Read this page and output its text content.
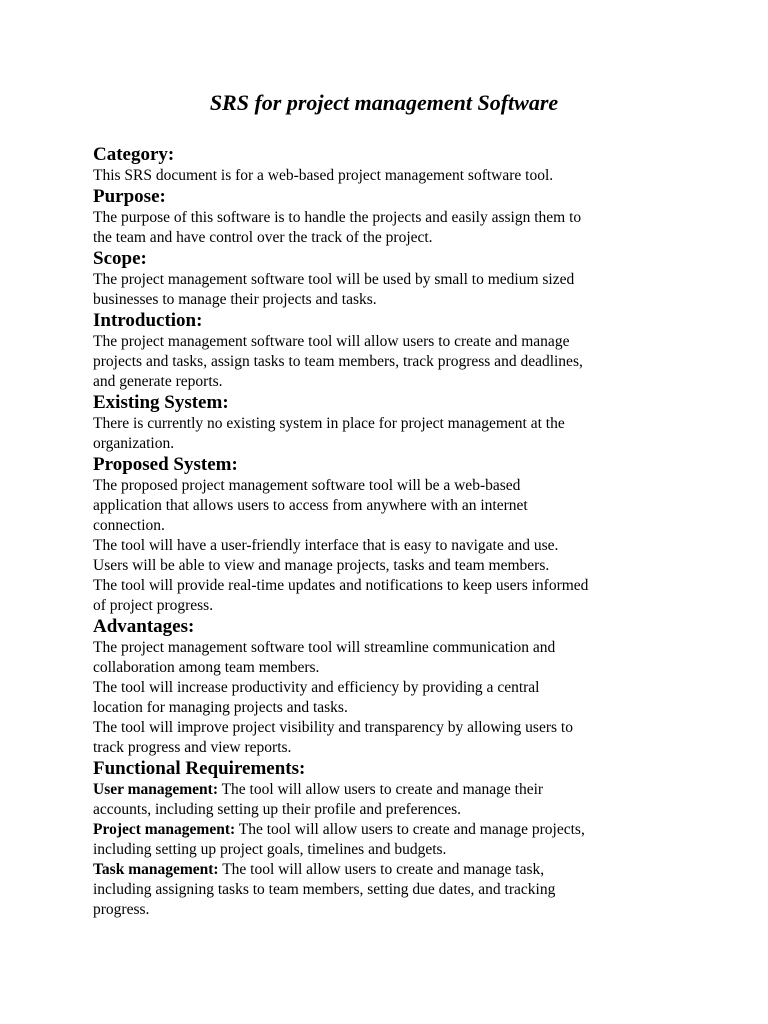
SRS for project management Software
Category:
This SRS document is for a web-based project management software tool.
Purpose:
The purpose of this software is to handle the projects and easily assign them to
the team and have control over the track of the project.
Scope:
The project management software tool will be used by small to medium sized
businesses to manage their projects and tasks.
Introduction:
The project management software tool will allow users to create and manage
projects and tasks, assign tasks to team members, track progress and deadlines,
and generate reports.
Existing System:
There is currently no existing system in place for project management at the
organization.
Proposed System:
The proposed project management software tool will be a web-based
application that allows users to access from anywhere with an internet
connection.
The tool will have a user-friendly interface that is easy to navigate and use.
Users will be able to view and manage projects, tasks and team members.
The tool will provide real-time updates and notifications to keep users informed
of project progress.
Advantages:
The project management software tool will streamline communication and
collaboration among team members.
The tool will increase productivity and efficiency by providing a central
location for managing projects and tasks.
The tool will improve project visibility and transparency by allowing users to
track progress and view reports.
Functional Requirements:
User management: The tool will allow users to create and manage their
accounts, including setting up their profile and preferences.
Project management: The tool will allow users to create and manage projects,
including setting up project goals, timelines and budgets.
Task management: The tool will allow users to create and manage task,
including assigning tasks to team members, setting due dates, and tracking
progress.
